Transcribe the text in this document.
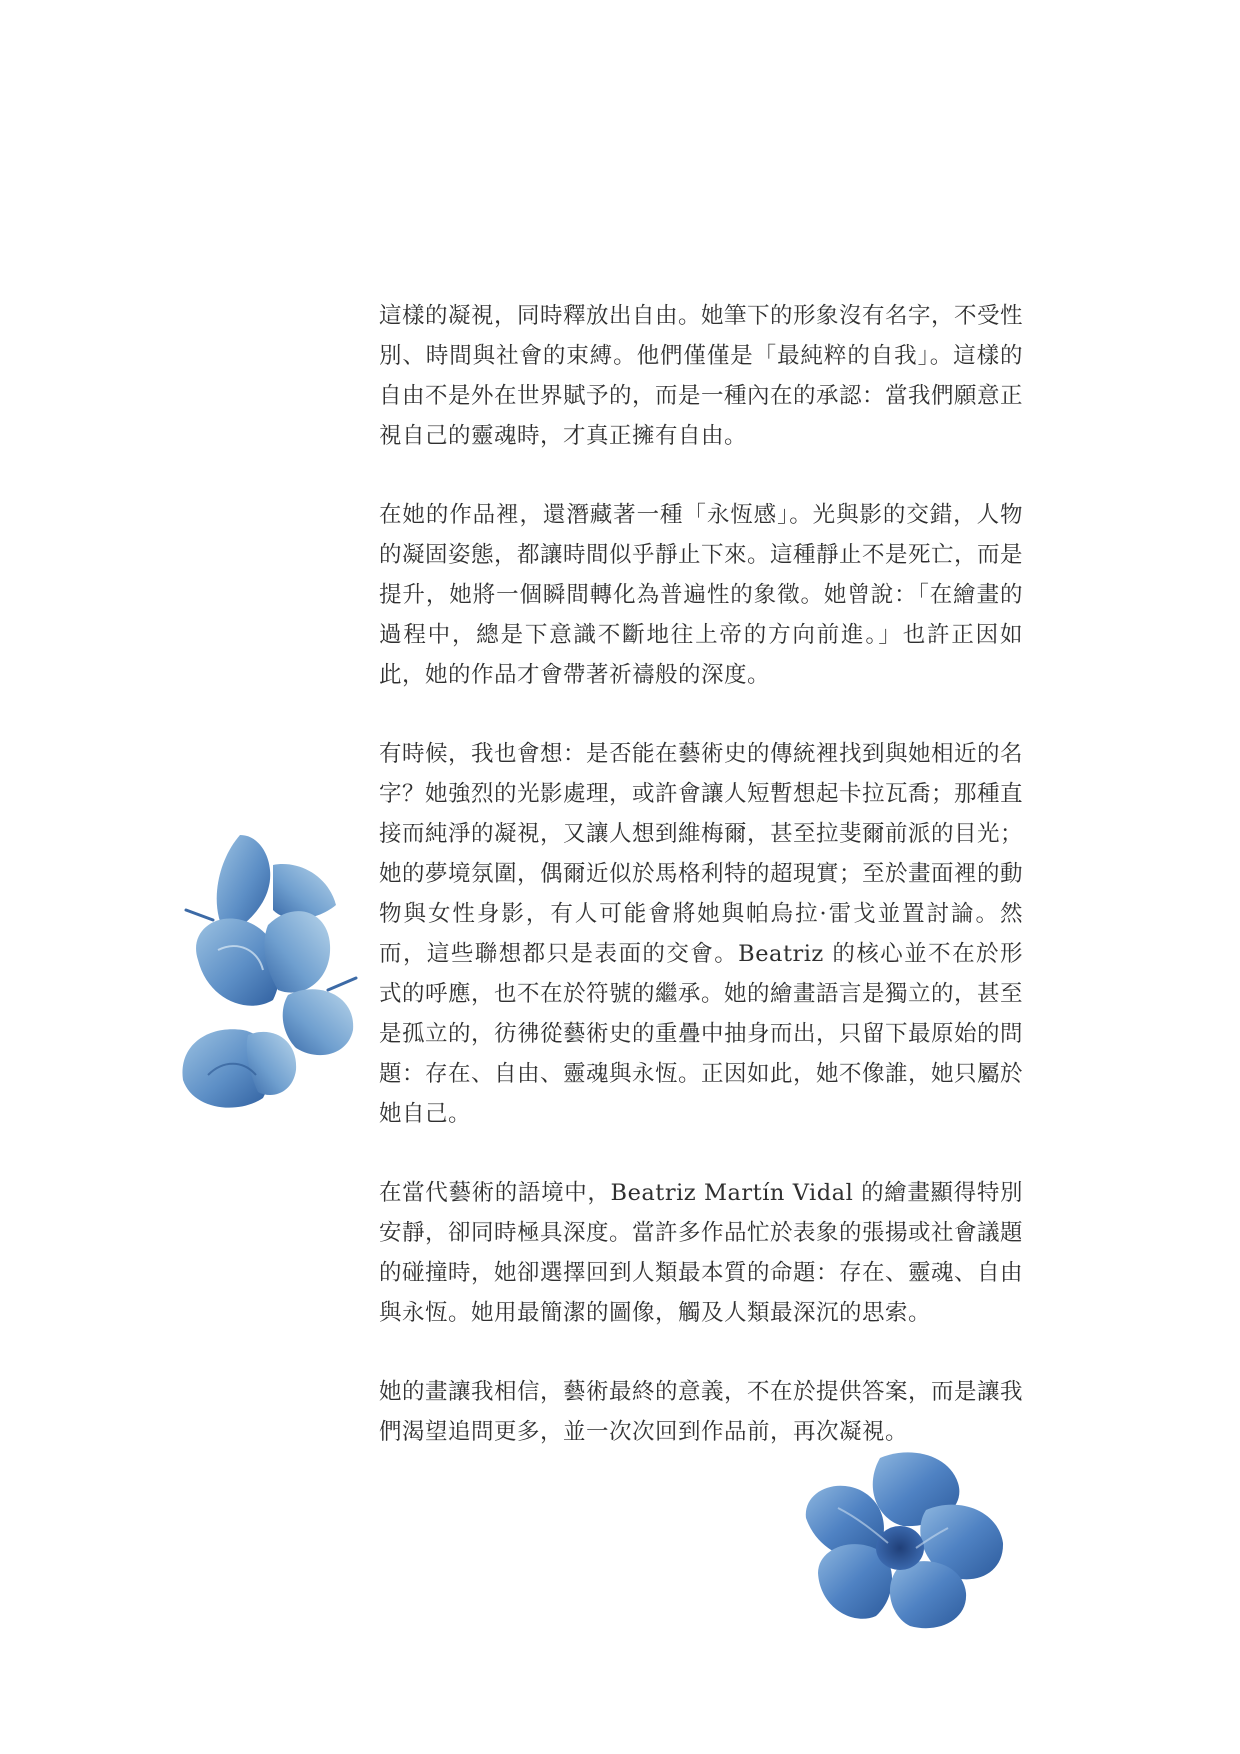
這樣的凝視，同時釋放出自由。她筆下的形象沒有名字，不受性別、時間與社會的束縛。他們僅僅是「最純粹的自我」。這樣的自由不是外在世界賦予的，而是一種內在的承認：當我們願意正視自己的靈魂時，才真正擁有自由。

在她的作品裡，還潛藏著一種「永恆感」。光與影的交錯，人物的凝固姿態，都讓時間似乎靜止下來。這種靜止不是死亡，而是提升，她將一個瞬間轉化為普遍性的象徵。她曾說：「在繪畫的過程中，總是下意識不斷地往上帝的方向前進。」也許正因如此，她的作品才會帶著祈禱般的深度。

有時候，我也會想：是否能在藝術史的傳統裡找到與她相近的名字？她強烈的光影處理，或許會讓人短暫想起卡拉瓦喬；那種直接而純淨的凝視，又讓人想到維梅爾，甚至拉斐爾前派的目光；她的夢境氛圍，偶爾近似於馬格利特的超現實；至於畫面裡的動物與女性身影，有人可能會將她與帕烏拉·雷戈並置討論。然而，這些聯想都只是表面的交會。Beatriz 的核心並不在於形式的呼應，也不在於符號的繼承。她的繪畫語言是獨立的，甚至是孤立的，彷彿從藝術史的重疊中抽身而出，只留下最原始的問題：存在、自由、靈魂與永恆。正因如此，她不像誰，她只屬於她自己。

在當代藝術的語境中，Beatriz Martín Vidal 的繪畫顯得特別安靜，卻同時極具深度。當許多作品忙於表象的張揚或社會議題的碰撞時，她卻選擇回到人類最本質的命題：存在、靈魂、自由與永恆。她用最簡潔的圖像，觸及人類最深沉的思索。

她的畫讓我相信，藝術最終的意義，不在於提供答案，而是讓我們渴望追問更多，並一次次回到作品前，再次凝視。
